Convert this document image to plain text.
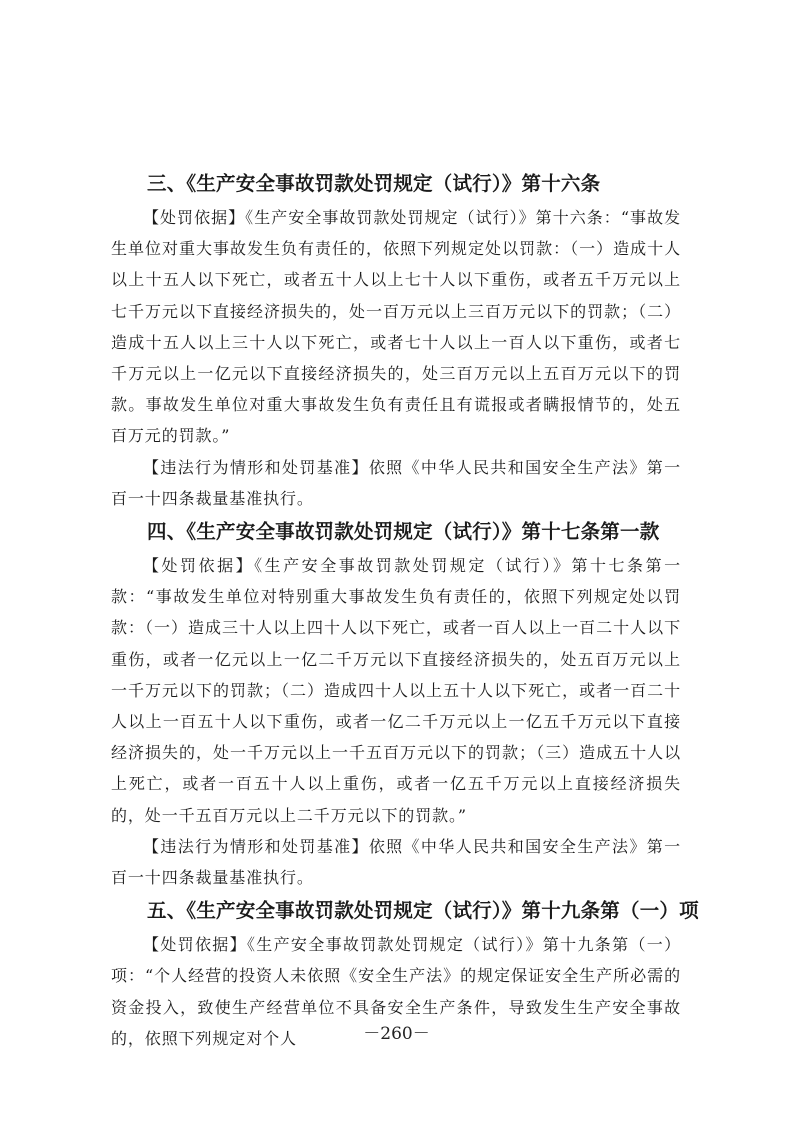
三、《生产安全事故罚款处罚规定（试行）》第十六条

【处罚依据】《生产安全事故罚款处罚规定（试行）》第十六条：“事故发生单位对重大事故发生负有责任的，依照下列规定处以罚款：（一）造成十人以上十五人以下死亡，或者五十人以上七十人以下重伤，或者五千万元以上七千万元以下直接经济损失的，处一百万元以上三百万元以下的罚款；（二）造成十五人以上三十人以下死亡，或者七十人以上一百人以下重伤，或者七千万元以上一亿元以下直接经济损失的，处三百万元以上五百万元以下的罚款。事故发生单位对重大事故发生负有责任且有谎报或者瞒报情节的，处五百万元的罚款。”

【违法行为情形和处罚基准】依照《中华人民共和国安全生产法》第一百一十四条裁量基准执行。

四、《生产安全事故罚款处罚规定（试行）》第十七条第一款

【处罚依据】《生产安全事故罚款处罚规定（试行）》第十七条第一款：“事故发生单位对特别重大事故发生负有责任的，依照下列规定处以罚款：（一）造成三十人以上四十人以下死亡，或者一百人以上一百二十人以下重伤，或者一亿元以上一亿二千万元以下直接经济损失的，处五百万元以上一千万元以下的罚款；（二）造成四十人以上五十人以下死亡，或者一百二十人以上一百五十人以下重伤，或者一亿二千万元以上一亿五千万元以下直接经济损失的，处一千万元以上一千五百万元以下的罚款；（三）造成五十人以上死亡，或者一百五十人以上重伤，或者一亿五千万元以上直接经济损失的，处一千五百万元以上二千万元以下的罚款。”

【违法行为情形和处罚基准】依照《中华人民共和国安全生产法》第一百一十四条裁量基准执行。

五、《生产安全事故罚款处罚规定（试行）》第十九条第（一）项

【处罚依据】《生产安全事故罚款处罚规定（试行）》第十九条第（一）项：“个人经营的投资人未依照《安全生产法》的规定保证安全生产所必需的资金投入，致使生产经营单位不具备安全生产条件，导致发生生产安全事故的，依照下列规定对个人	－260－
